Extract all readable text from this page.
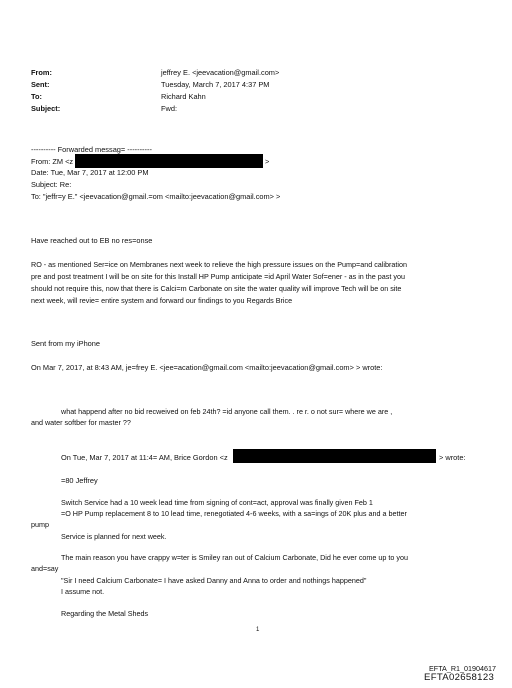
From:
Sent:
To:
Subject:
jeffrey E. <jeevacation@gmail.com>
Tuesday, March 7, 2017 4:37 PM
Richard Kahn
Fwd:
---------- Forwarded messag= ----------
From: ZM <z	>
Date: Tue, Mar 7, 2017 at 12:00 PM
Subject: Re:
To: "jeffr=y E." <jeevacation@gmail.=om <mailto:jeevacation@gmail.com> >
Have reached out to EB no res=onse
RO - as mentioned Ser=ice on Membranes next week to relieve the high pressure issues on the Pump=and calibration
pre and post treatment I will be on site for this Install HP Pump anticipate =id April Water Sof=ener - as in the past you
should not require this, now that there is Calci=m Carbonate on site the water quality will improve Tech will be on site
next week, will revie= entire system and forward our findings to you Regards Brice
Sent from my iPhone
On Mar 7, 2017, at 8:43 AM, je=frey E. <jee=acation@gmail.com <mailto:jeevacation@gmail.com> > wrote:
what happend after no bid recweived on feb 24th? =id anyone call them. . re r. o not sur= where we are ,
and water softber for master ??
On Tue, Mar 7, 2017 at 11:4= AM, Brice Gordon <z	> wrote:
=80 Jeffrey
Switch Service had a 10 week lead time from signing of cont=act, approval was finally given Feb 1
=O HP Pump replacement 8 to 10 lead time, renegotiated 4-6 weeks, with a sa=ings of 20K plus and a better
pump
Service is planned for next week.
The main reason you have crappy w=ter is Smiley ran out of Calcium Carbonate, Did he ever come up to you
and=say
"Sir I need Calcium Carbonate= I have asked Danny and Anna to order and nothings happened"
I assume not.
Regarding the Metal Sheds
1
EFTA_R1_01904617
EFTA02658123
